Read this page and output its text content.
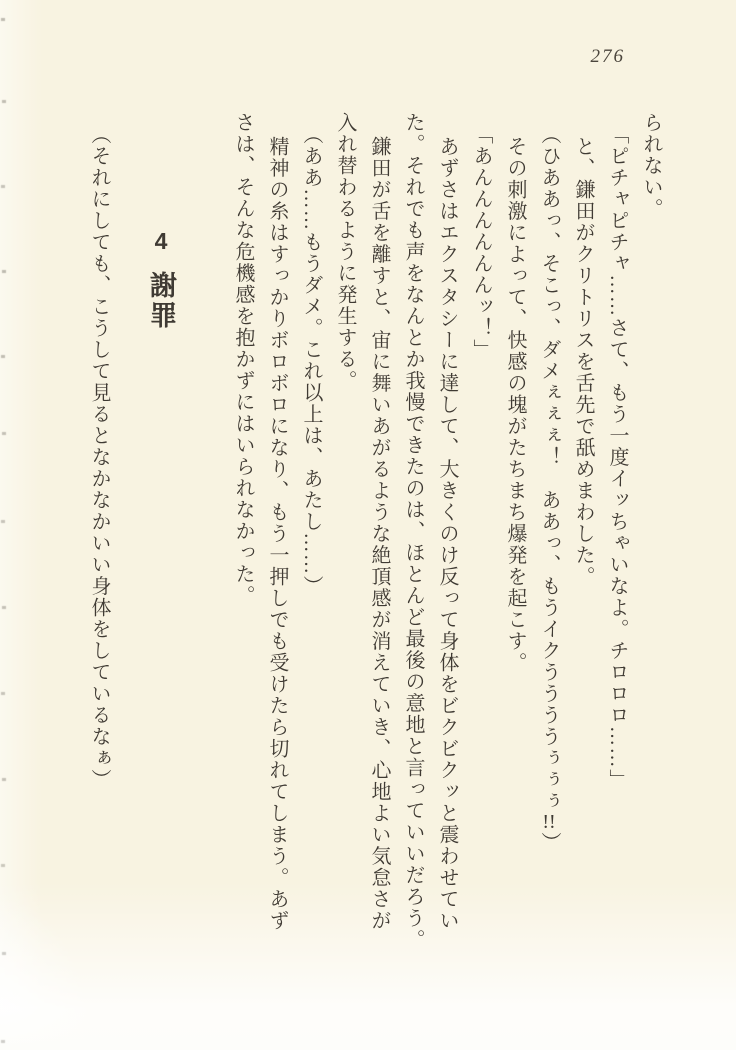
276
られない。
「ピチャピチャ……さて、もう一度イッちゃいなよ。チロロロ……」
と、鎌田がクリトリスを舌先で舐めまわした。
（ひああっ、そこっ、ダメぇぇぇ！　ああっ、もうイクううううぅぅぅ!!）
その刺激によって、快感の塊がたちまち爆発を起こす。
「あんんんんんんッ！」
あずさはエクスタシーに達して、大きくのけ反って身体をビクビクッと震わせてい
た。それでも声をなんとか我慢できたのは、ほとんど最後の意地と言っていいだろう。
鎌田が舌を離すと、宙に舞いあがるような絶頂感が消えていき、心地よい気怠さが
入れ替わるように発生する。
（ああ……もうダメ。これ以上は、あたし……）
精神の糸はすっかりボロボロになり、もう一押しでも受けたら切れてしまう。あず
さは、そんな危機感を抱かずにはいられなかった。
4謝罪
（それにしても、こうして見るとなかなかいい身体をしているなぁ）
